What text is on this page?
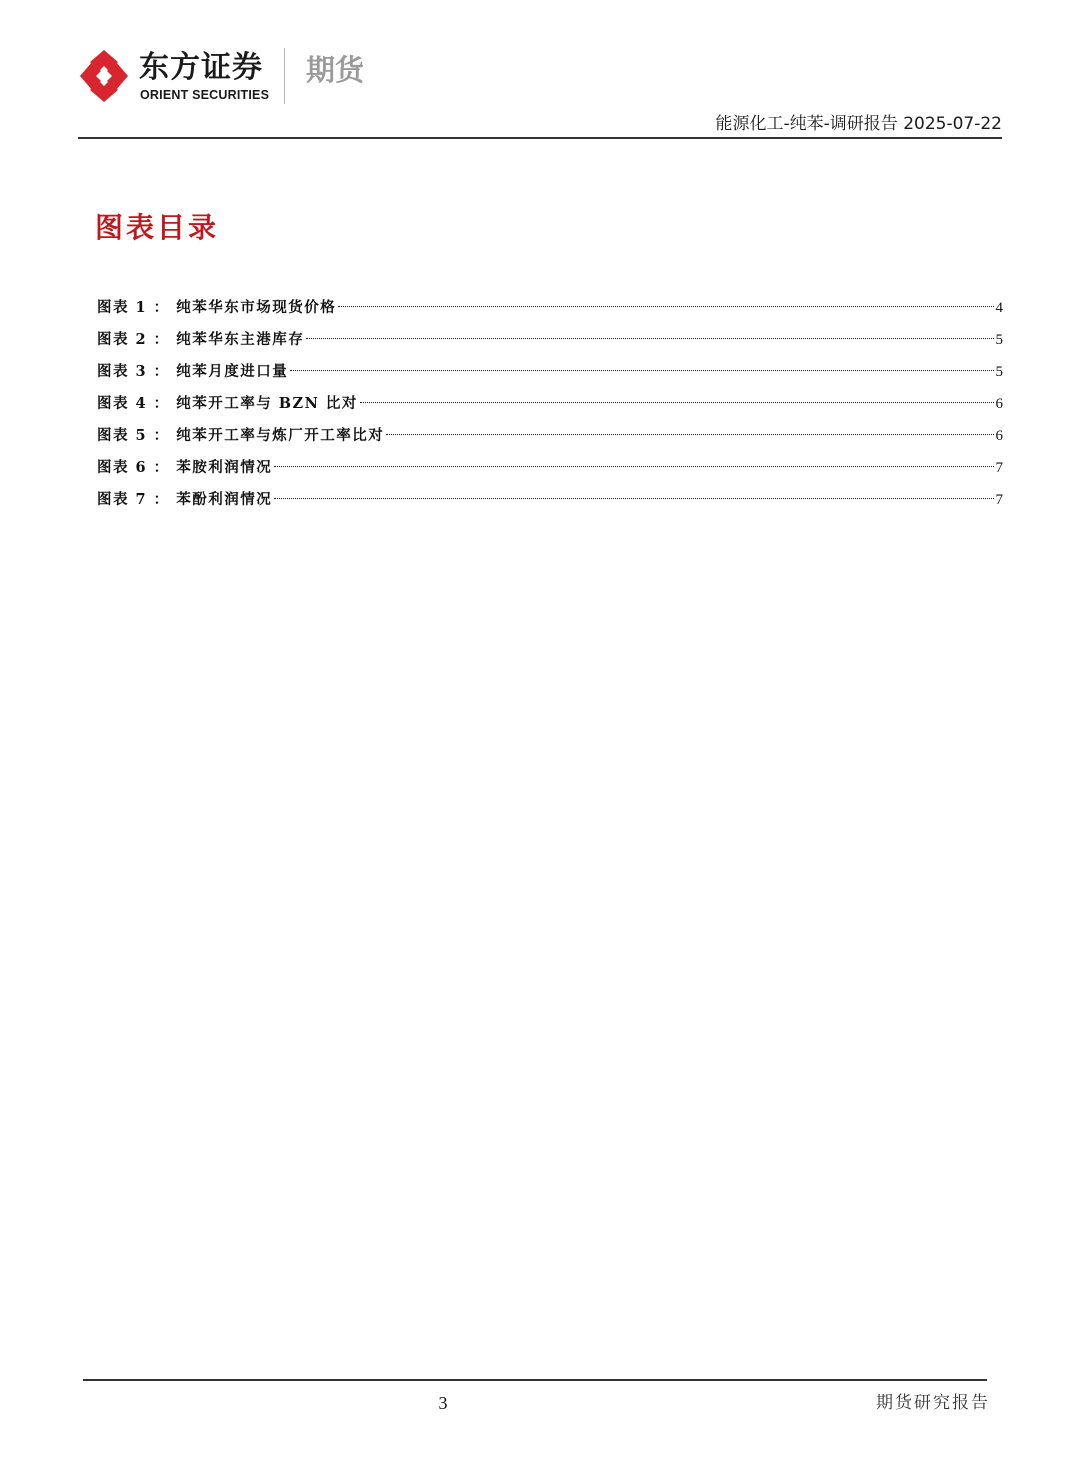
东方证券
ORIENT SECURITIES
期货
能源化工-纯苯-调研报告 2025-07-22
图表目录
图表 1 ： 纯苯华东市场现货价格	4
图表 2 ： 纯苯华东主港库存	5
图表 3 ： 纯苯月度进口量	5
图表 4 ： 纯苯开工率与 BZN 比对	6
图表 5 ： 纯苯开工率与炼厂开工率比对	6
图表 6 ： 苯胺利润情况	7
图表 7 ： 苯酚利润情况	7
3	期货研究报告
